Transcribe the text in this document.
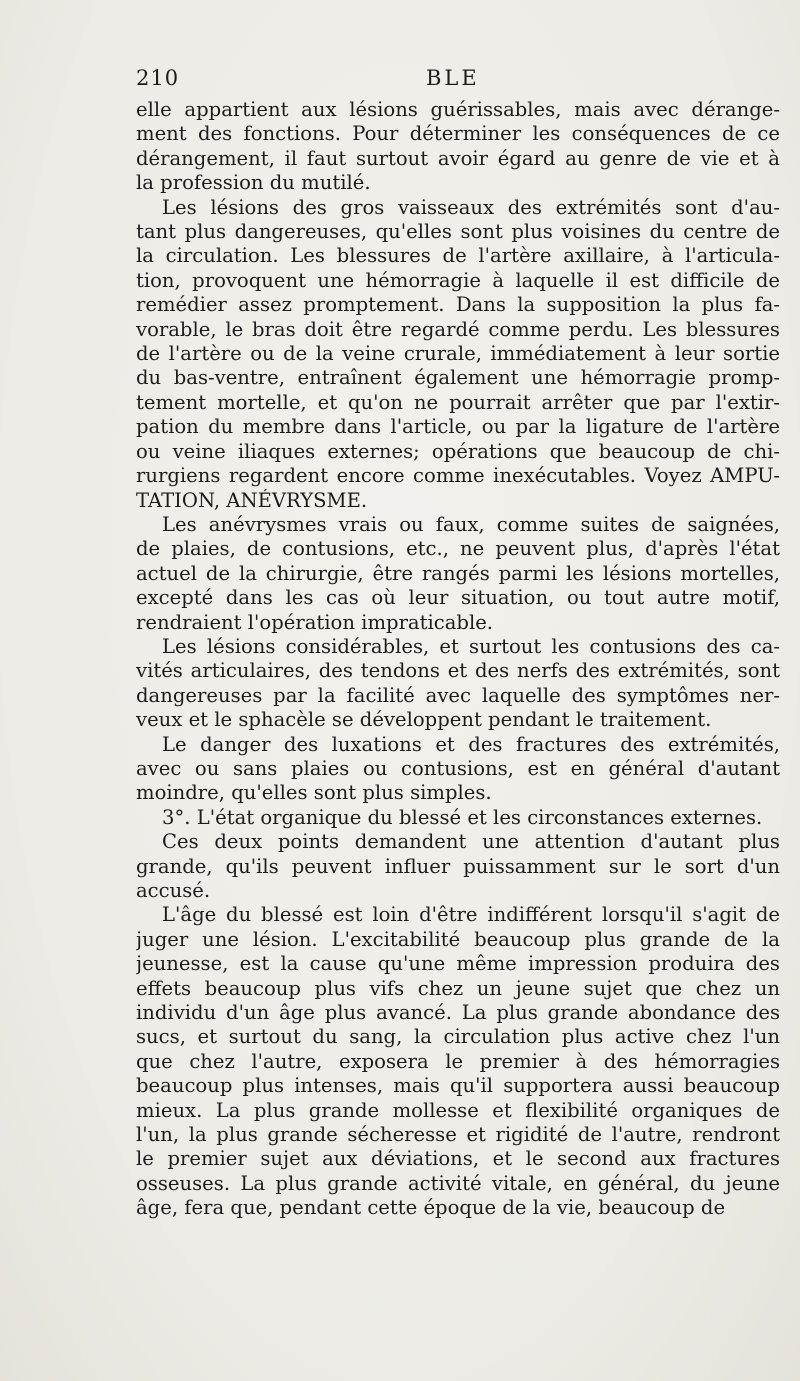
210	BLE
elle appartient aux lésions guérissables, mais avec dérange-
ment des fonctions. Pour déterminer les conséquences de ce
dérangement, il faut surtout avoir égard au genre de vie et à
la profession du mutilé.
Les lésions des gros vaisseaux des extrémités sont d'au-
tant plus dangereuses, qu'elles sont plus voisines du centre de
la circulation. Les blessures de l'artère axillaire, à l'articula-
tion, provoquent une hémorragie à laquelle il est difficile de
remédier assez promptement. Dans la supposition la plus fa-
vorable, le bras doit être regardé comme perdu. Les blessures
de l'artère ou de la veine crurale, immédiatement à leur sortie
du bas-ventre, entraînent également une hémorragie promp-
tement mortelle, et qu'on ne pourrait arrêter que par l'extir-
pation du membre dans l'article, ou par la ligature de l'artère
ou veine iliaques externes; opérations que beaucoup de chi-
rurgiens regardent encore comme inexécutables. Voyez AMPU-
TATION, ANÉVRYSME.
Les anévrysmes vrais ou faux, comme suites de saignées,
de plaies, de contusions, etc., ne peuvent plus, d'après l'état
actuel de la chirurgie, être rangés parmi les lésions mortelles,
excepté dans les cas où leur situation, ou tout autre motif,
rendraient l'opération impraticable.
Les lésions considérables, et surtout les contusions des ca-
vités articulaires, des tendons et des nerfs des extrémités, sont
dangereuses par la facilité avec laquelle des symptômes ner-
veux et le sphacèle se développent pendant le traitement.
Le danger des luxations et des fractures des extrémités,
avec ou sans plaies ou contusions, est en général d'autant
moindre, qu'elles sont plus simples.
3°. L'état organique du blessé et les circonstances externes.
Ces deux points demandent une attention d'autant plus
grande, qu'ils peuvent influer puissamment sur le sort d'un
accusé.
L'âge du blessé est loin d'être indifférent lorsqu'il s'agit de
juger une lésion. L'excitabilité beaucoup plus grande de la
jeunesse, est la cause qu'une même impression produira des
effets beaucoup plus vifs chez un jeune sujet que chez un
individu d'un âge plus avancé. La plus grande abondance des
sucs, et surtout du sang, la circulation plus active chez l'un
que chez l'autre, exposera le premier à des hémorragies
beaucoup plus intenses, mais qu'il supportera aussi beaucoup
mieux. La plus grande mollesse et flexibilité organiques de
l'un, la plus grande sécheresse et rigidité de l'autre, rendront
le premier sujet aux déviations, et le second aux fractures
osseuses. La plus grande activité vitale, en général, du jeune
âge, fera que, pendant cette époque de la vie, beaucoup de
